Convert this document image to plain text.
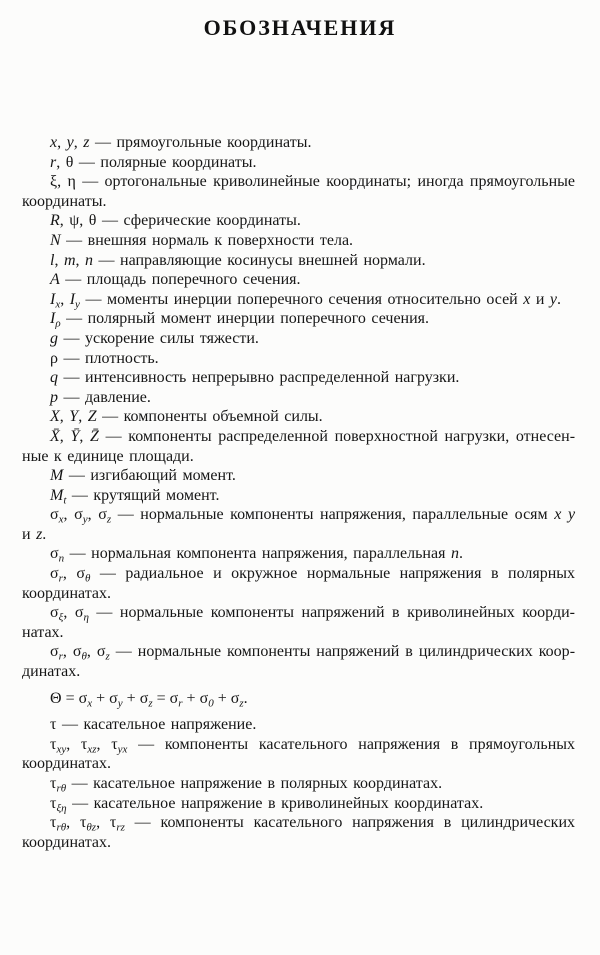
ОБОЗНАЧЕНИЯ

x, y, z — прямоугольные координаты.

r, θ — полярные координаты.

ξ, η — ортогональные криволинейные координаты; иногда прямоугольные координаты.

R, ψ, θ — сферические координаты.

N — внешняя нормаль к поверхности тела.

l, m, n — направляющие косинусы внешней нормали.

A — площадь поперечного сечения.

$I_x$, $I_y$ — моменты инерции поперечного сечения относительно осей x и y.

$I_\rho$ — полярный момент инерции поперечного сечения.

g — ускорение силы тяжести.

ρ — плотность.

q — интенсивность непрерывно распределенной нагрузки.

p — давление.

X, Y, Z — компоненты объемной силы.

X̄, Ȳ, Z̄ — компоненты распределенной поверхностной нагрузки, отнесенные к единице площади.

M — изгибающий момент.

$M_t$ — крутящий момент.

$\sigma_x$, $\sigma_y$, $\sigma_z$ — нормальные компоненты напряжения, параллельные осям x y и z.

$\sigma_n$ — нормальная компонента напряжения, параллельная n.

$\sigma_r$, $\sigma_\theta$ — радиальное и окружное нормальные напряжения в полярных координатах.

$\sigma_\xi$, $\sigma_\eta$ — нормальные компоненты напряжений в криволинейных координатах.

$\sigma_r$, $\sigma_\theta$, $\sigma_z$ — нормальные компоненты напряжений в цилиндрических координатах.

$\Theta = \sigma_x + \sigma_y + \sigma_z = \sigma_r + \sigma_0 + \sigma_z$.

τ — касательное напряжение.

$\tau_{xy}$, $\tau_{xz}$, $\tau_{yx}$ — компоненты касательного напряжения в прямоугольных координатах.

$\tau_{r\theta}$ — касательное напряжение в полярных координатах.

$\tau_{\xi\eta}$ — касательное напряжение в криволинейных координатах.

$\tau_{r\theta}$, $\tau_{\theta z}$, $\tau_{rz}$ — компоненты касательного напряжения в цилиндрических координатах.
